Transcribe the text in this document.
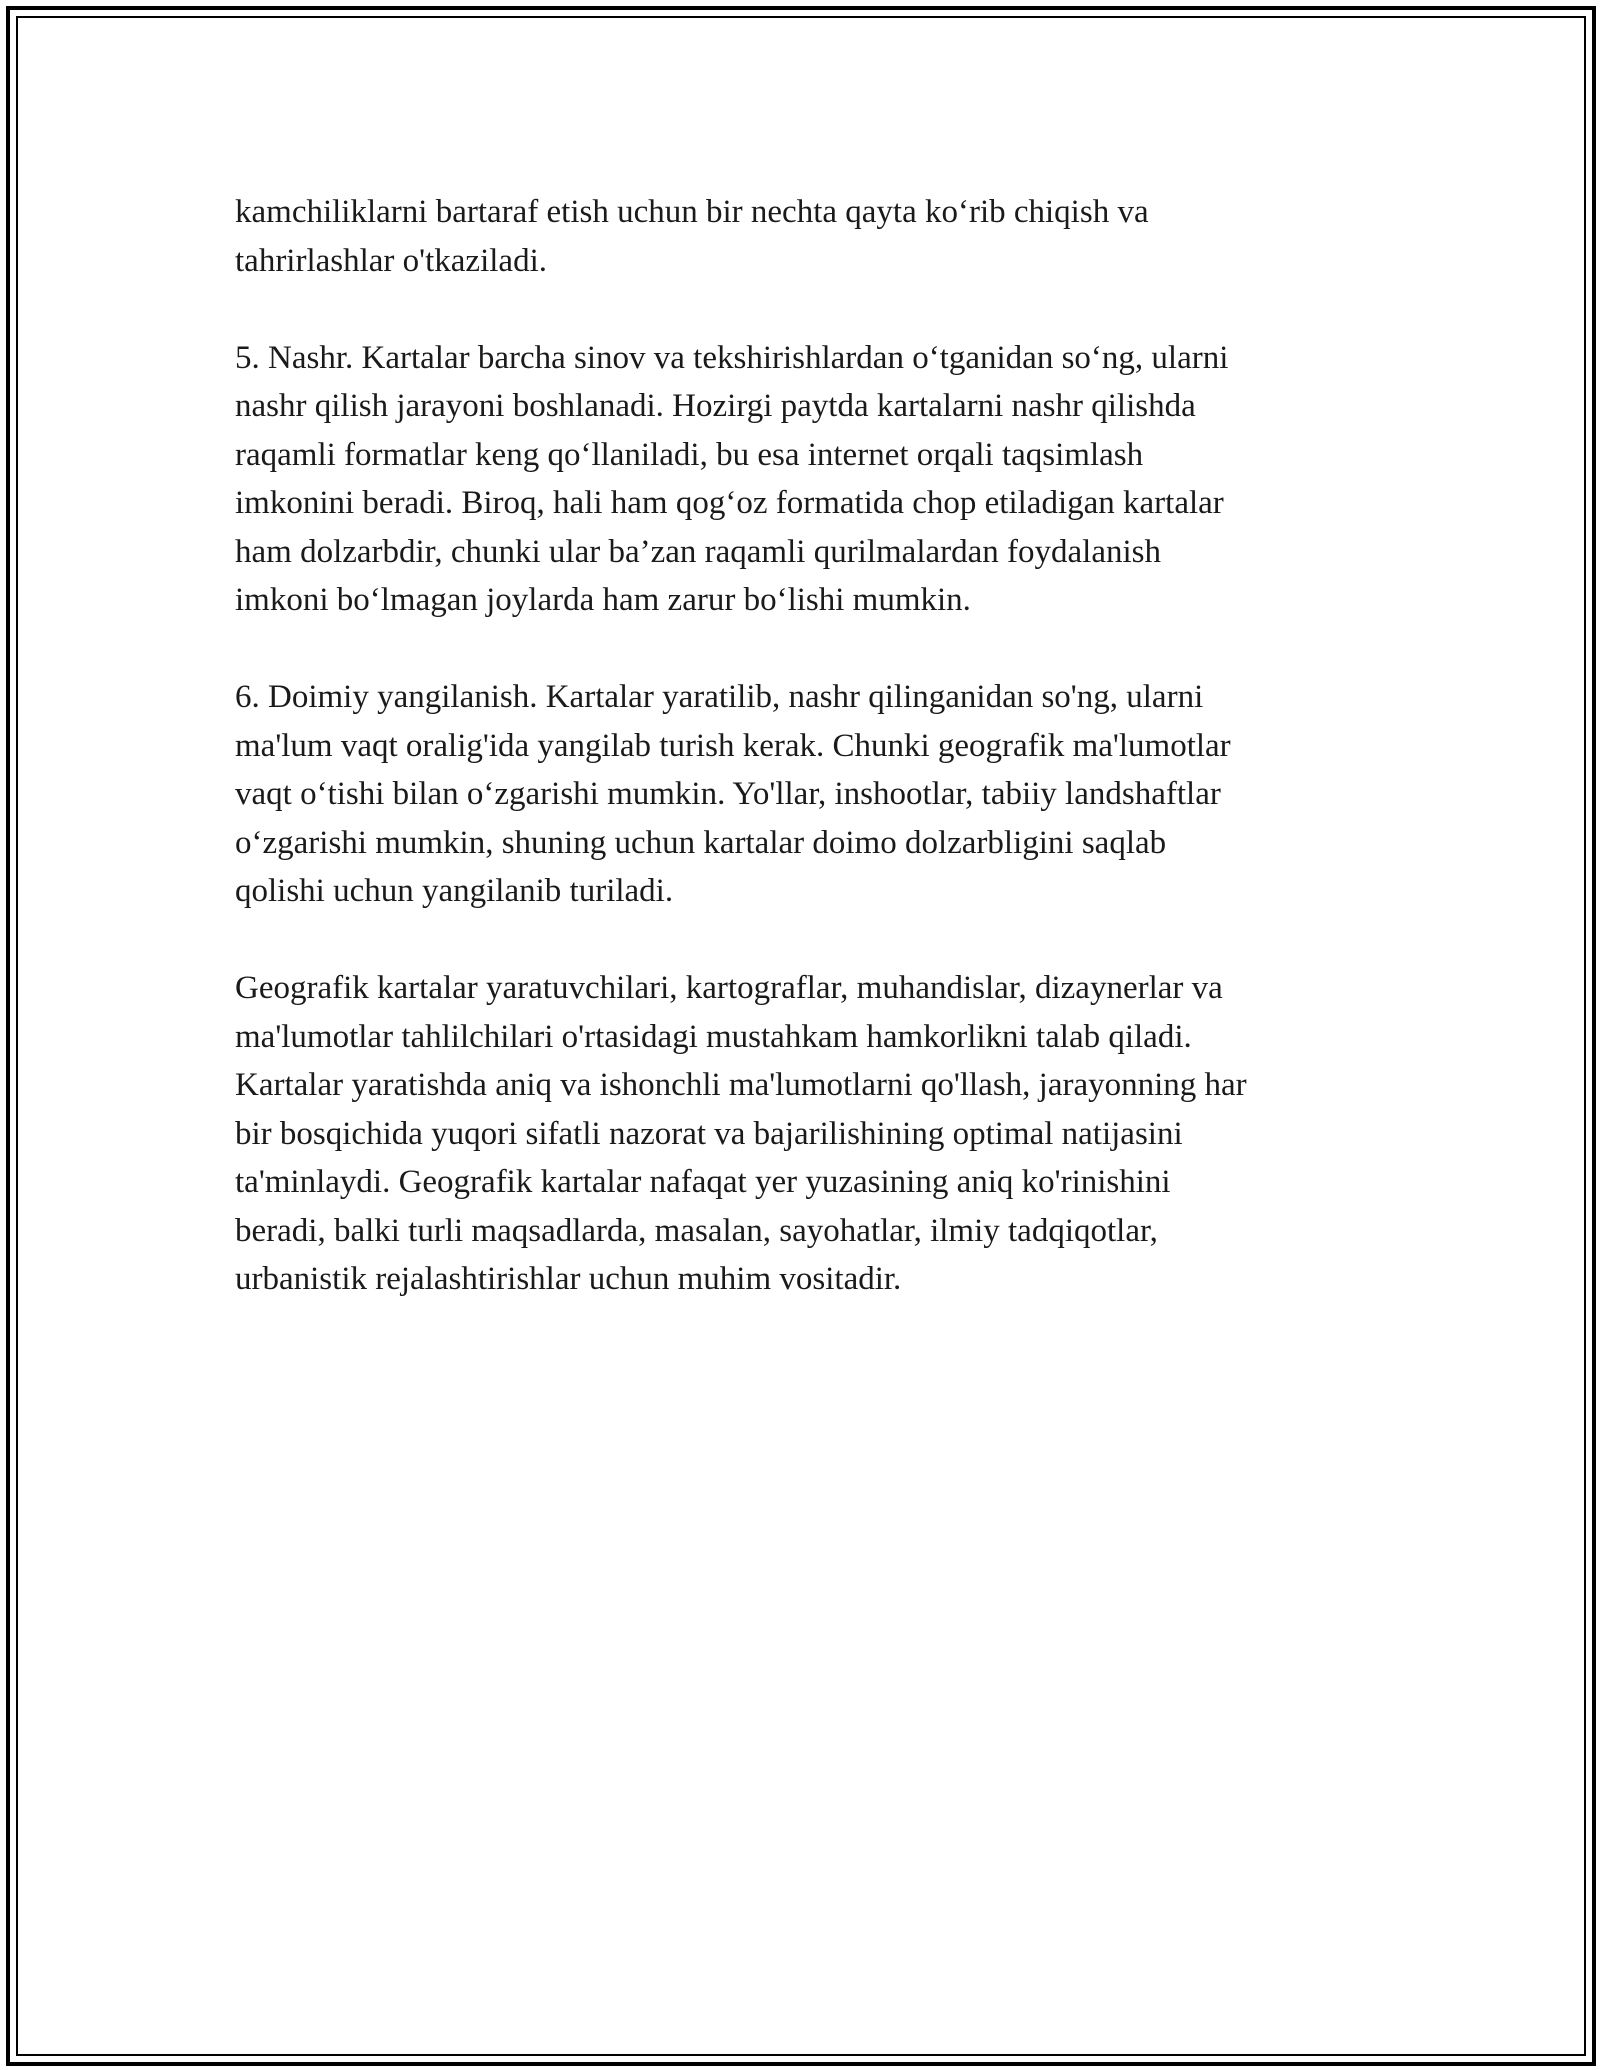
kamchiliklarni bartaraf etish uchun bir nechta qayta koʻrib chiqish va
tahrirlashlar o'tkaziladi.

5. Nashr. Kartalar barcha sinov va tekshirishlardan oʻtganidan soʻng, ularni
nashr qilish jarayoni boshlanadi. Hozirgi paytda kartalarni nashr qilishda
raqamli formatlar keng qoʻllaniladi, bu esa internet orqali taqsimlash
imkonini beradi. Biroq, hali ham qogʻoz formatida chop etiladigan kartalar
ham dolzarbdir, chunki ular ba’zan raqamli qurilmalardan foydalanish
imkoni boʻlmagan joylarda ham zarur boʻlishi mumkin.

6. Doimiy yangilanish. Kartalar yaratilib, nashr qilinganidan so'ng, ularni
ma'lum vaqt oralig'ida yangilab turish kerak. Chunki geografik ma'lumotlar
vaqt oʻtishi bilan oʻzgarishi mumkin. Yo'llar, inshootlar, tabiiy landshaftlar
oʻzgarishi mumkin, shuning uchun kartalar doimo dolzarbligini saqlab
qolishi uchun yangilanib turiladi.

Geografik kartalar yaratuvchilari, kartograflar, muhandislar, dizaynerlar va
ma'lumotlar tahlilchilari o'rtasidagi mustahkam hamkorlikni talab qiladi.
Kartalar yaratishda aniq va ishonchli ma'lumotlarni qo'llash, jarayonning har
bir bosqichida yuqori sifatli nazorat va bajarilishining optimal natijasini
ta'minlaydi. Geografik kartalar nafaqat yer yuzasining aniq ko'rinishini
beradi, balki turli maqsadlarda, masalan, sayohatlar, ilmiy tadqiqotlar,
urbanistik rejalashtirishlar uchun muhim vositadir.
